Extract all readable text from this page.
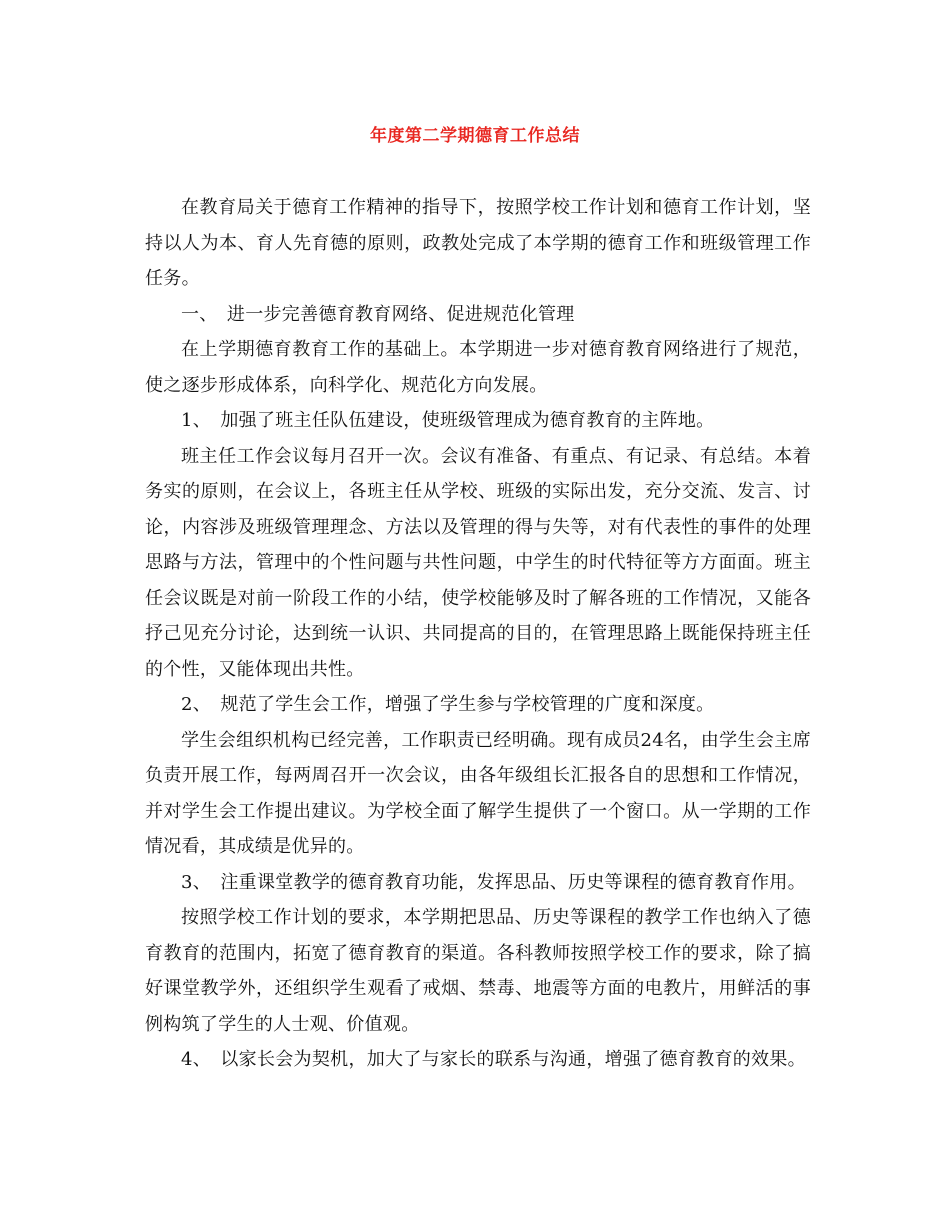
年度第二学期德育工作总结

在教育局关于德育工作精神的指导下，按照学校工作计划和德育工作计划，坚持以人为本、育人先育德的原则，政教处完成了本学期的德育工作和班级管理工作任务。

一、　进一步完善德育教育网络、促进规范化管理

在上学期德育教育工作的基础上。本学期进一步对德育教育网络进行了规范，使之逐步形成体系，向科学化、规范化方向发展。

1、　加强了班主任队伍建设，使班级管理成为德育教育的主阵地。

班主任工作会议每月召开一次。会议有准备、有重点、有记录、有总结。本着务实的原则，在会议上，各班主任从学校、班级的实际出发，充分交流、发言、讨论，内容涉及班级管理理念、方法以及管理的得与失等，对有代表性的事件的处理思路与方法，管理中的个性问题与共性问题，中学生的时代特征等方方面面。班主任会议既是对前一阶段工作的小结，使学校能够及时了解各班的工作情况，又能各抒己见充分讨论，达到统一认识、共同提高的目的，在管理思路上既能保持班主任的个性，又能体现出共性。

2、　规范了学生会工作，增强了学生参与学校管理的广度和深度。

学生会组织机构已经完善，工作职责已经明确。现有成员24名，由学生会主席负责开展工作，每两周召开一次会议，由各年级组长汇报各自的思想和工作情况，并对学生会工作提出建议。为学校全面了解学生提供了一个窗口。从一学期的工作情况看，其成绩是优异的。

3、　注重课堂教学的德育教育功能，发挥思品、历史等课程的德育教育作用。

按照学校工作计划的要求，本学期把思品、历史等课程的教学工作也纳入了德育教育的范围内，拓宽了德育教育的渠道。各科教师按照学校工作的要求，除了搞好课堂教学外，还组织学生观看了戒烟、禁毒、地震等方面的电教片，用鲜活的事例构筑了学生的人士观、价值观。

4、　以家长会为契机，加大了与家长的联系与沟通，增强了德育教育的效果。
